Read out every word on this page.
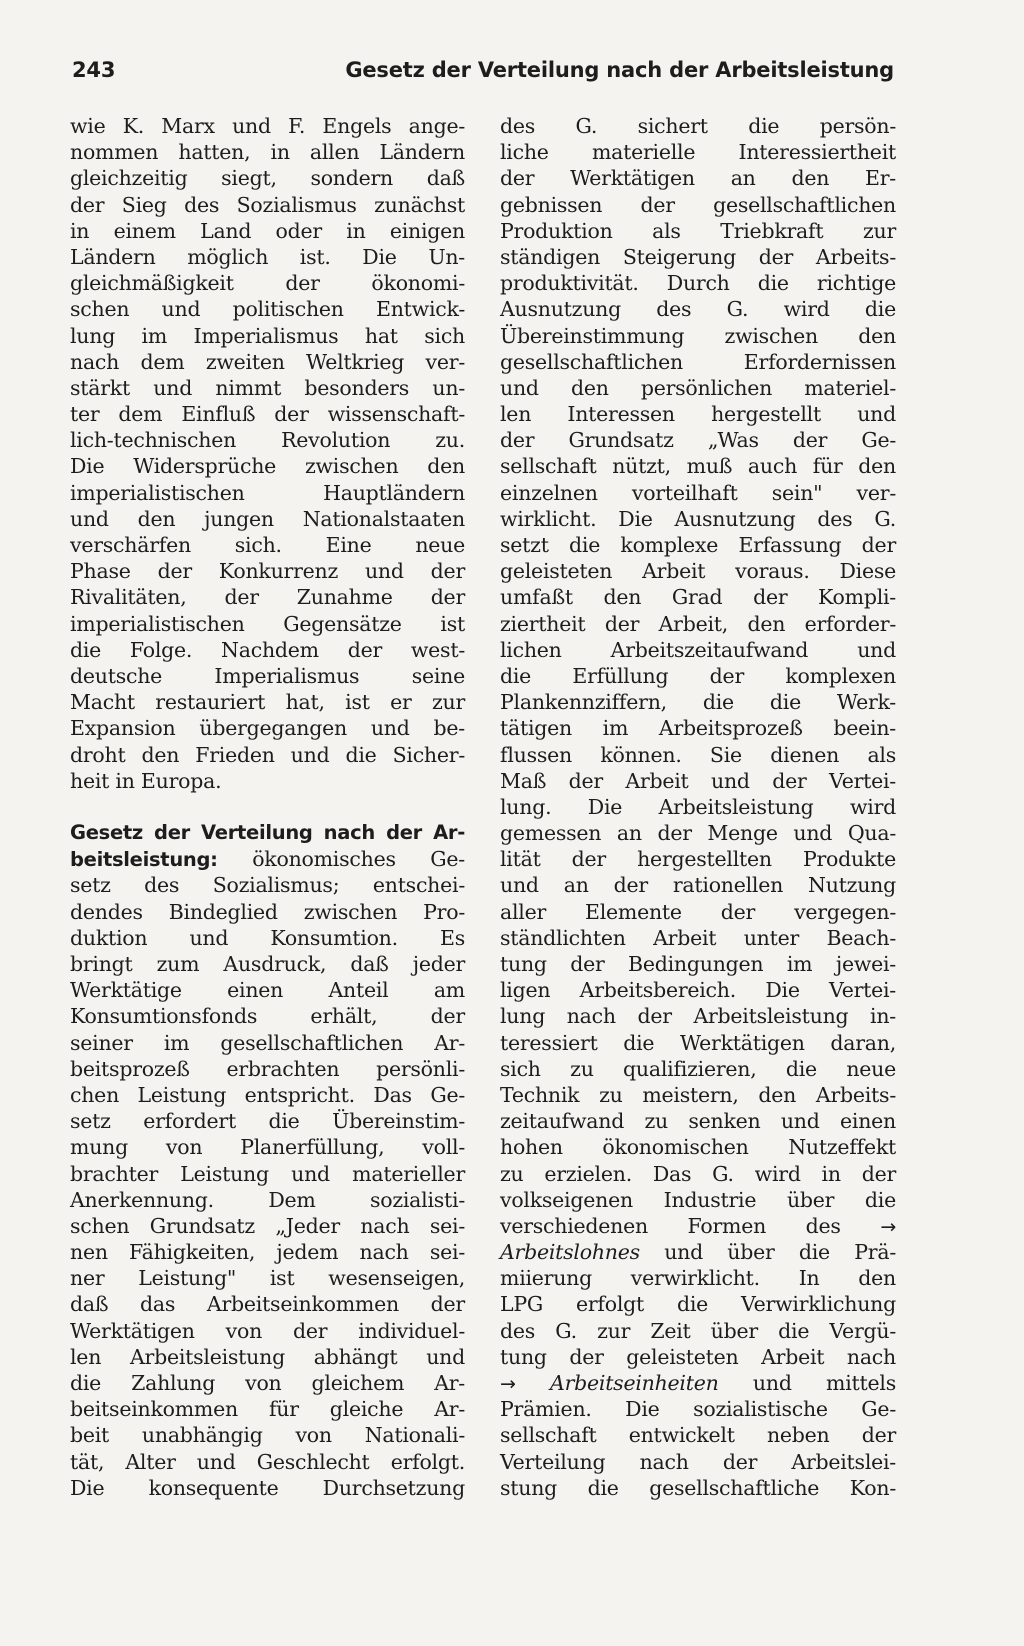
243	Gesetz der Verteilung nach der Arbeitsleistung
wie K. Marx und F. Engels ange-
nommen hatten, in allen Ländern
gleichzeitig siegt, sondern daß
der Sieg des Sozialismus zunächst
in einem Land oder in einigen
Ländern möglich ist. Die Un-
gleichmäßigkeit der ökonomi-
schen und politischen Entwick-
lung im Imperialismus hat sich
nach dem zweiten Weltkrieg ver-
stärkt und nimmt besonders un-
ter dem Einfluß der wissenschaft-
lich-technischen Revolution zu.
Die Widersprüche zwischen den
imperialistischen Hauptländern
und den jungen Nationalstaaten
verschärfen sich. Eine neue
Phase der Konkurrenz und der
Rivalitäten, der Zunahme der
imperialistischen Gegensätze ist
die Folge. Nachdem der west-
deutsche Imperialismus seine
Macht restauriert hat, ist er zur
Expansion übergegangen und be-
droht den Frieden und die Sicher-
heit in Europa.
Gesetz der Verteilung nach der Ar-
beitsleistung: ökonomisches Ge-
setz des Sozialismus; entschei-
dendes Bindeglied zwischen Pro-
duktion und Konsumtion. Es
bringt zum Ausdruck, daß jeder
Werktätige einen Anteil am
Konsumtionsfonds erhält, der
seiner im gesellschaftlichen Ar-
beitsprozeß erbrachten persönli-
chen Leistung entspricht. Das Ge-
setz erfordert die Übereinstim-
mung von Planerfüllung, voll-
brachter Leistung und materieller
Anerkennung. Dem sozialisti-
schen Grundsatz „Jeder nach sei-
nen Fähigkeiten, jedem nach sei-
ner Leistung" ist wesenseigen,
daß das Arbeitseinkommen der
Werktätigen von der individuel-
len Arbeitsleistung abhängt und
die Zahlung von gleichem Ar-
beitseinkommen für gleiche Ar-
beit unabhängig von Nationali-
tät, Alter und Geschlecht erfolgt.
Die konsequente Durchsetzung
des G. sichert die persön-
liche materielle Interessiertheit
der Werktätigen an den Er-
gebnissen der gesellschaftlichen
Produktion als Triebkraft zur
ständigen Steigerung der Arbeits-
produktivität. Durch die richtige
Ausnutzung des G. wird die
Übereinstimmung zwischen den
gesellschaftlichen Erfordernissen
und den persönlichen materiel-
len Interessen hergestellt und
der Grundsatz „Was der Ge-
sellschaft nützt, muß auch für den
einzelnen vorteilhaft sein" ver-
wirklicht. Die Ausnutzung des G.
setzt die komplexe Erfassung der
geleisteten Arbeit voraus. Diese
umfaßt den Grad der Kompli-
ziertheit der Arbeit, den erforder-
lichen Arbeitszeitaufwand und
die Erfüllung der komplexen
Plankennziffern, die die Werk-
tätigen im Arbeitsprozeß beein-
flussen können. Sie dienen als
Maß der Arbeit und der Vertei-
lung. Die Arbeitsleistung wird
gemessen an der Menge und Qua-
lität der hergestellten Produkte
und an der rationellen Nutzung
aller Elemente der vergegen-
ständlichten Arbeit unter Beach-
tung der Bedingungen im jewei-
ligen Arbeitsbereich. Die Vertei-
lung nach der Arbeitsleistung in-
teressiert die Werktätigen daran,
sich zu qualifizieren, die neue
Technik zu meistern, den Arbeits-
zeitaufwand zu senken und einen
hohen ökonomischen Nutzeffekt
zu erzielen. Das G. wird in der
volkseigenen Industrie über die
verschiedenen Formen des →
Arbeitslohnes und über die Prä-
miierung verwirklicht. In den
LPG erfolgt die Verwirklichung
des G. zur Zeit über die Vergü-
tung der geleisteten Arbeit nach
→ Arbeitseinheiten und mittels
Prämien. Die sozialistische Ge-
sellschaft entwickelt neben der
Verteilung nach der Arbeitslei-
stung die gesellschaftliche Kon-
